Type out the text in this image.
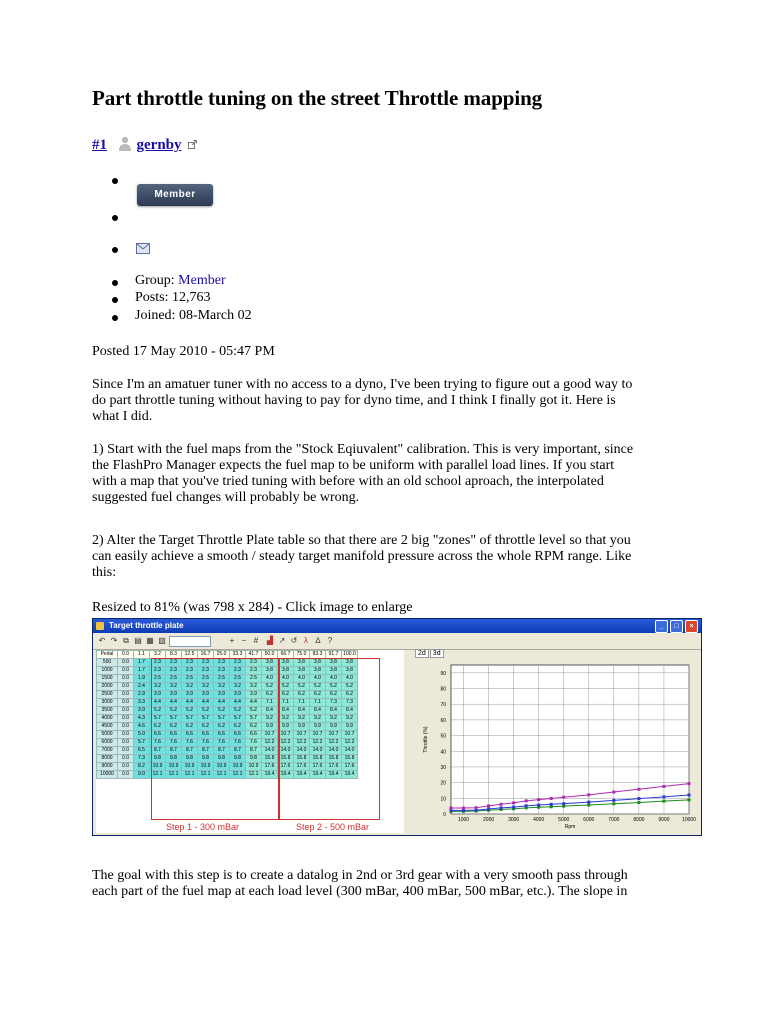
Part throttle tuning on the street Throttle mapping
#1 gernby
Member
Group: Member
Posts: 12,763
Joined: 08-March 02

Posted 17 May 2010 - 05:47 PM

Since I'm an amatuer tuner with no access to a dyno, I've been trying to figure out a good way to

do part throttle tuning without having to pay for dyno time, and I think I finally got it. Here is

what I did.

1) Start with the fuel maps from the "Stock Eqiuvalent" calibration. This is very important, since

the FlashPro Manager expects the fuel map to be uniform with parallel load lines. If you start

with a map that you've tried tuning with before with an old school aproach, the interpolated

suggested fuel changes will probably be wrong.

2) Alter the Target Throttle Plate table so that there are 2 big "zones" of throttle level so that you

can easily achieve a smooth / steady target manifold pressure across the whole RPM range. Like

this:

Resized to 81% (was 798 x 284) - Click image to enlarge

Target throttle plate	_	□	×
↶ ↷ ⧉ ▤ ▦ ▧	+ − #	▟ ↗ ↺ λ ∆ ?
Pedal	0.0	1.1	3.2	8.3	12.5	16.7	25.0	33.3	41.7	50.0	66.7	75.0	83.3	91.7	100.0
500	0.0	1.7	2.3	2.3	2.3	2.3	2.3	2.3	2.3	3.8	3.8	3.8	3.8	3.8	3.8
1000	0.0	1.7	2.3	2.3	2.3	2.3	2.3	2.3	2.3	3.8	3.8	3.8	3.8	3.8	3.8
1500	0.0	1.9	2.5	2.5	2.5	2.5	2.5	2.5	2.5	4.0	4.0	4.0	4.0	4.0	4.0
2000	0.0	2.4	3.2	3.2	3.2	3.2	3.2	3.2	3.2	5.2	5.2	5.2	5.2	5.2	5.2
2500	0.0	2.9	3.9	3.9	3.9	3.9	3.9	3.9	3.9	6.2	6.2	6.2	6.2	6.2	6.2
3000	0.0	3.3	4.4	4.4	4.4	4.4	4.4	4.4	4.4	7.1	7.1	7.1	7.1	7.3	7.3
3500	0.0	3.9	5.2	5.2	5.2	5.2	5.2	5.2	5.2	8.4	8.4	8.4	8.4	8.4	8.4
4000	0.0	4.3	5.7	5.7	5.7	5.7	5.7	5.7	5.7	9.2	9.2	9.2	9.2	9.2	9.2
4500	0.0	4.6	6.2	6.2	6.2	6.2	6.2	6.2	6.2	9.9	9.9	9.9	9.9	9.9	9.9
5000	0.0	5.0	6.6	6.6	6.6	6.6	6.6	6.6	6.6	10.7	10.7	10.7	10.7	10.7	10.7
6000	0.0	5.7	7.6	7.6	7.6	7.6	7.6	7.6	7.6	12.2	12.2	12.2	12.2	12.2	12.2
7000	0.0	6.5	8.7	8.7	8.7	8.7	8.7	8.7	8.7	14.0	14.0	14.0	14.0	14.0	14.0
8000	0.0	7.3	9.8	9.8	9.8	9.8	9.8	9.8	9.8	15.8	15.8	15.8	15.8	15.8	15.8
9000	0.0	8.2	10.9	10.9	10.9	10.9	10.9	10.9	10.9	17.6	17.6	17.6	17.6	17.6	17.6
10000	0.0	9.0	12.1	12.1	12.1	12.1	12.1	12.1	12.1	19.4	19.4	19.4	19.4	19.4	19.4
Step 1 - 300 mBar	Step 2 - 500 mBar
2d 3d
0
10
20
30
40
50
60
70
80
90
1000	2000	3000	4000	5000	6000	7000	8000	9000	10000
Rpm
Throttle (%)

The goal with this step is to create a datalog in 2nd or 3rd gear with a very smooth pass through

each part of the fuel map at each load level (300 mBar, 400 mBar, 500 mBar, etc.). The slope in
